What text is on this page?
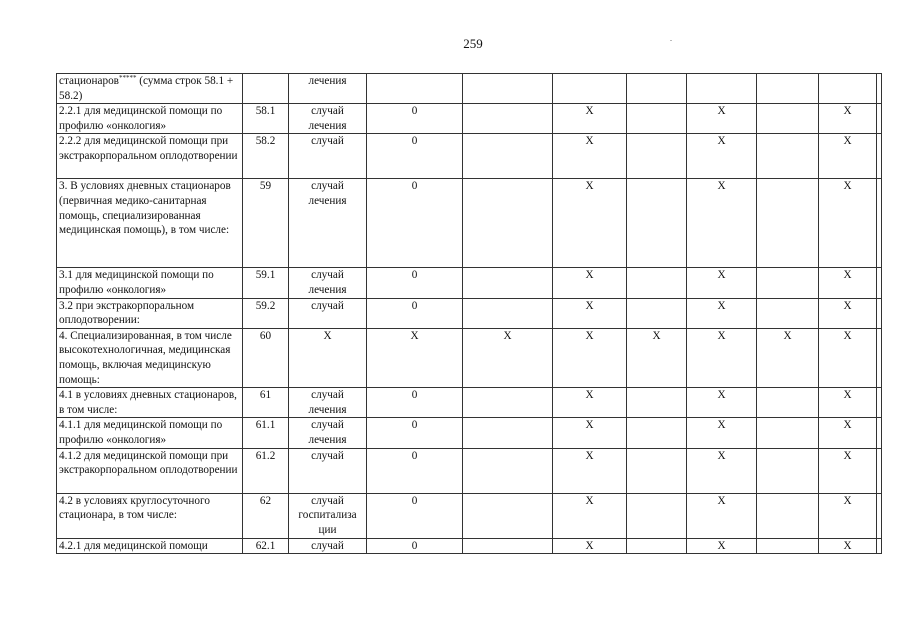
259
стационаров***** (сумма строк 58.1 + 58.2)		лечения								
2.2.1 для медицинской помощи по профилю «онкология»	58.1	случай лечения	0		Х		Х		Х	
2.2.2 для медицинской помощи при экстракорпоральном оплодотворении	58.2	случай	0		Х		Х		Х	
3. В условиях дневных стационаров (первичная медико-санитарная помощь, специализированная медицинская помощь), в том числе:	59	случай лечения	0		Х		Х		Х	
3.1 для медицинской помощи по профилю «онкология»	59.1	случай лечения	0		Х		Х		Х	
3.2 при экстракорпоральном оплодотворении:	59.2	случай	0		Х		Х		Х	
4. Специализированная, в том числе высокотехнологичная, медицинская помощь, включая медицинскую помощь:	60	Х	Х	Х	Х	Х	Х	Х	Х	
4.1 в условиях дневных стационаров, в том числе:	61	случай лечения	0		Х		Х		Х	
4.1.1 для медицинской помощи по профилю «онкология»	61.1	случай лечения	0		Х		Х		Х	
4.1.2 для медицинской помощи при экстракорпоральном оплодотворении	61.2	случай	0		Х		Х		Х	
4.2 в условиях круглосуточного стационара, в том числе:	62	случай госпитализа ции	0		Х		Х		Х	
4.2.1 для медицинской помощи	62.1	случай	0		Х		Х		Х	
